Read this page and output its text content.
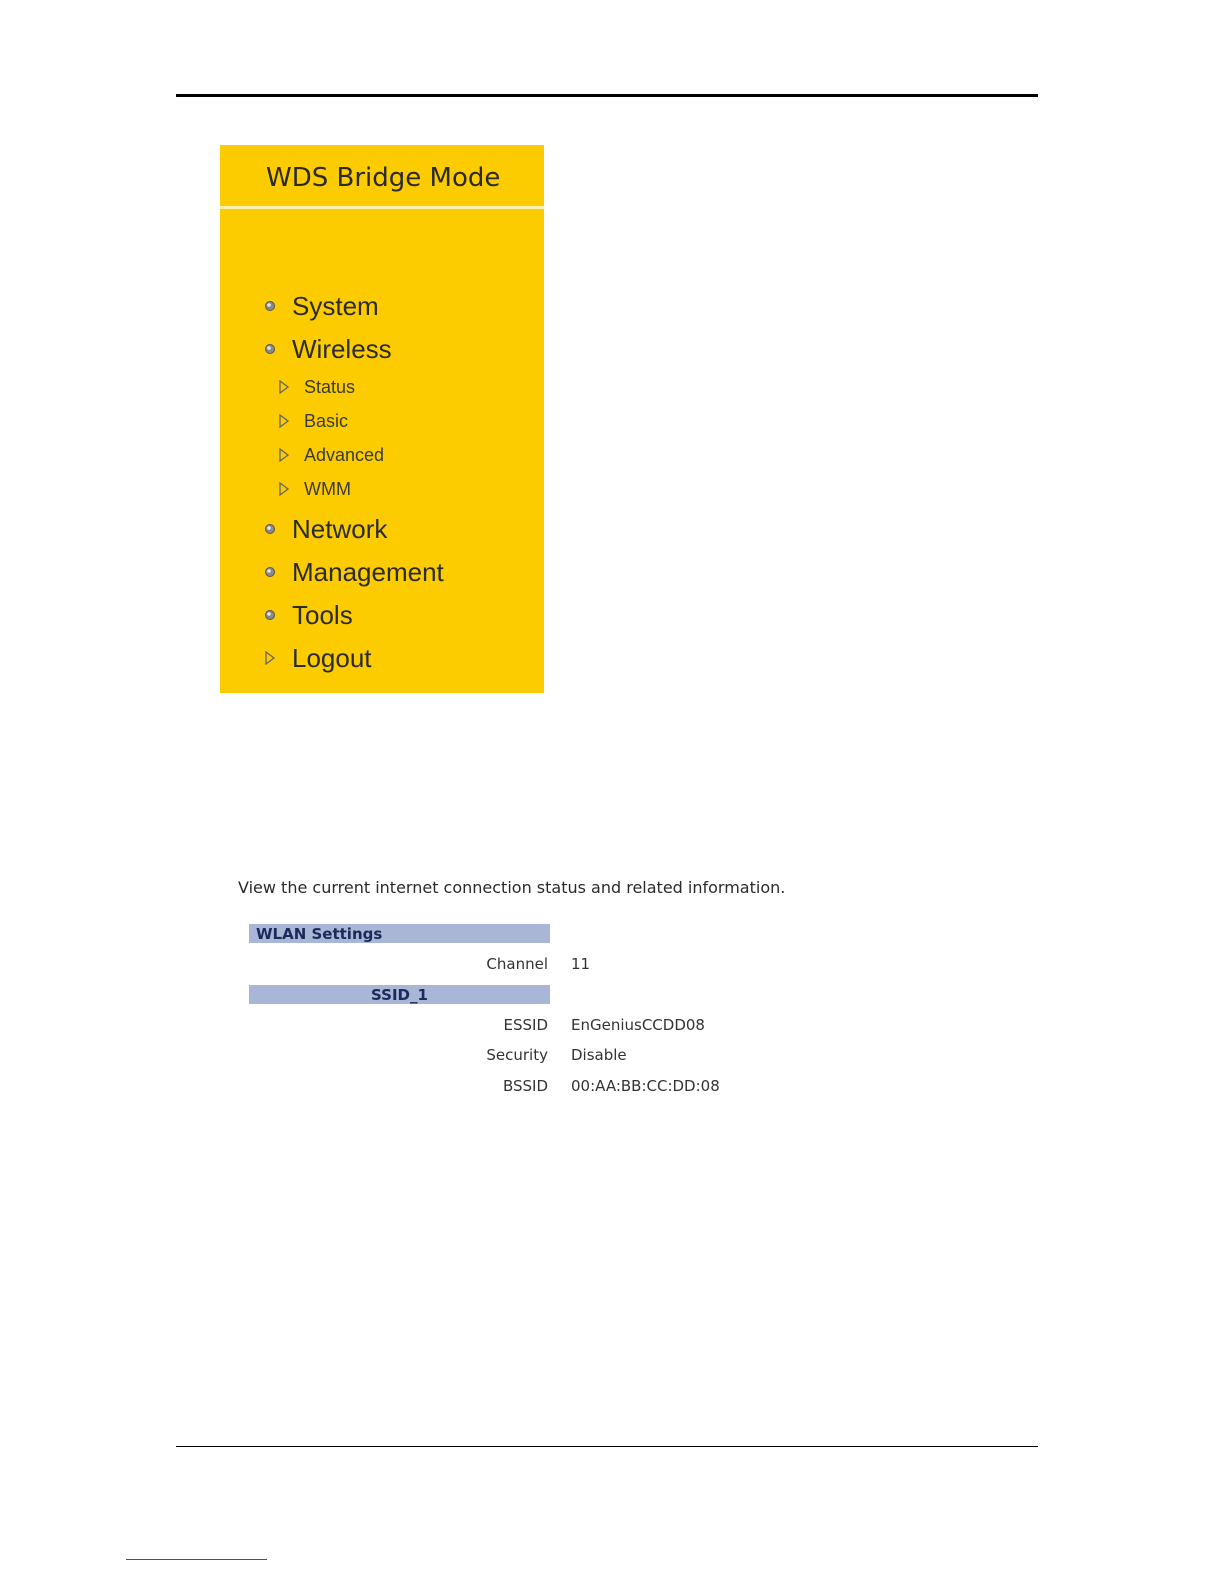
WDS Bridge Mode
System
Wireless
Status
Basic
Advanced
WMM
Network
Management
Tools
Logout
View the current internet connection status and related information.
WLAN Settings
Channel 11
SSID_1
ESSID EnGeniusCCDD08
Security Disable
BSSID 00:AA:BB:CC:DD:08
